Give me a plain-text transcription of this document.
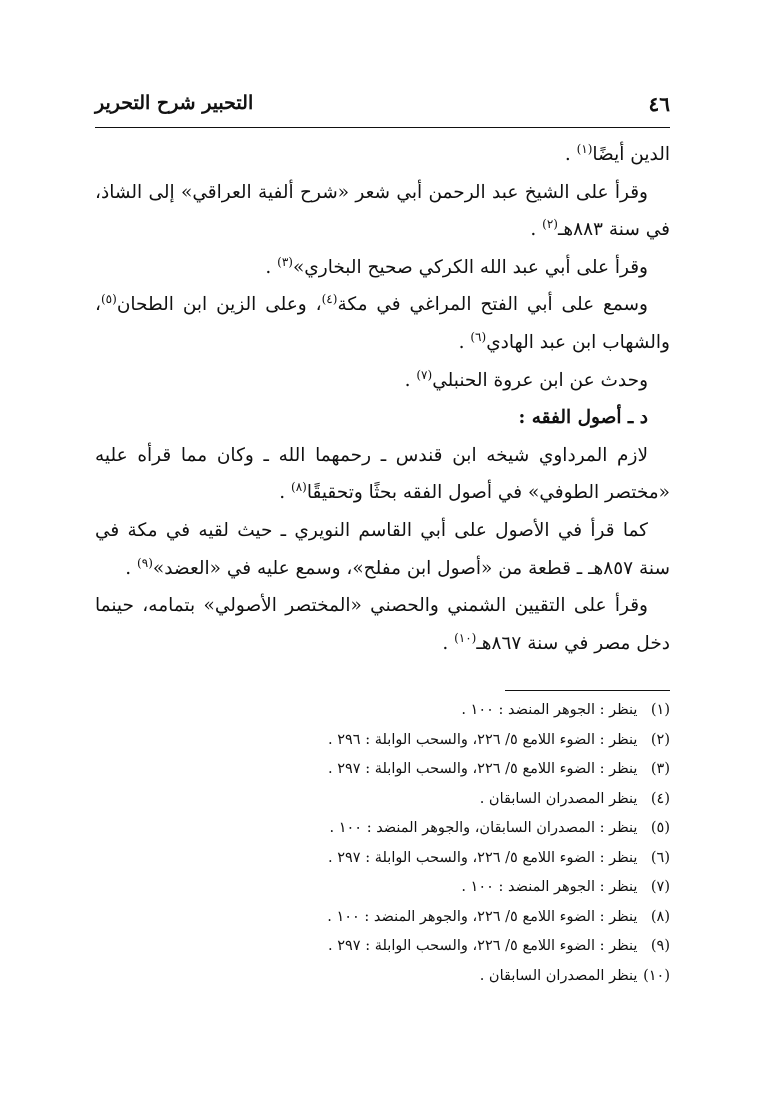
٤٦
التحبير شرح التحرير

الدين أيضًا$^{(١)}$ .

وقرأ على الشيخ عبد الرحمن أبي شعر «شرح ألفية العراقي» إلى الشاذ، في سنة ٨٨٣هـ$^{(٢)}$ .

وقرأ على أبي عبد الله الكركي صحيح البخاري»$^{(٣)}$ .

وسمع على أبي الفتح المراغي في مكة$^{(٤)}$، وعلى الزين ابن الطحان$^{(٥)}$، والشهاب ابن عبد الهادي$^{(٦)}$ .

وحدث عن ابن عروة الحنبلي$^{(٧)}$ .

د ـ أصول الفقه :

لازم المرداوي شيخه ابن قندس ـ رحمهما الله ـ وكان مما قرأه عليه «مختصر الطوفي» في أصول الفقه بحثًا وتحقيقًا$^{(٨)}$ .

كما قرأ في الأصول على أبي القاسم النويري ـ حيث لقيه في مكة في سنة ٨٥٧هـ ـ قطعة من «أصول ابن مفلح»، وسمع عليه في «العضد»$^{(٩)}$ .

وقرأ على التقيين الشمني والحصني «المختصر الأصولي» بتمامه، حينما دخل مصر في سنة ٨٦٧هـ$^{(١٠)}$ .

(١) ينظر : الجوهر المنضد : ١٠٠ .
(٢) ينظر : الضوء اللامع ٥/ ٢٢٦، والسحب الوابلة : ٢٩٦ .
(٣) ينظر : الضوء اللامع ٥/ ٢٢٦، والسحب الوابلة : ٢٩٧ .
(٤) ينظر المصدران السابقان .
(٥) ينظر : المصدران السابقان، والجوهر المنضد : ١٠٠ .
(٦) ينظر : الضوء اللامع ٥/ ٢٢٦، والسحب الوابلة : ٢٩٧ .
(٧) ينظر : الجوهر المنضد : ١٠٠ .
(٨) ينظر : الضوء اللامع ٥/ ٢٢٦، والجوهر المنضد : ١٠٠ .
(٩) ينظر : الضوء اللامع ٥/ ٢٢٦، والسحب الوابلة : ٢٩٧ .
(١٠) ينظر المصدران السابقان .
